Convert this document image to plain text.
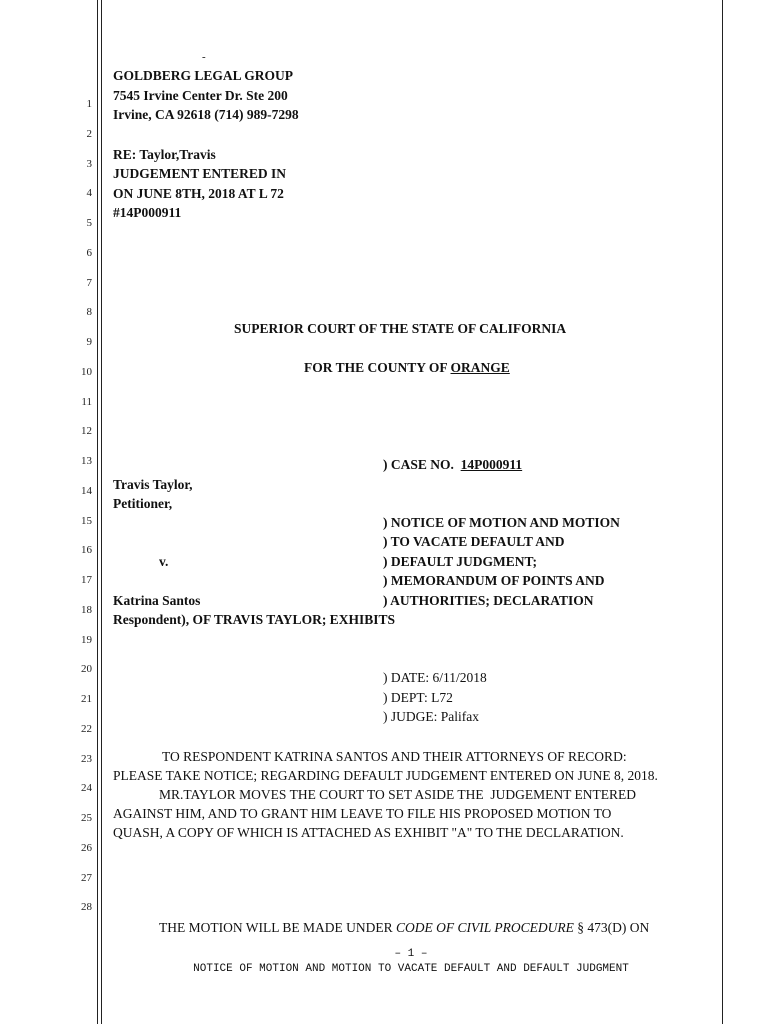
1
2
3
4
5
6
7
8
9
10
11
12
13
14
15
16
17
18
19
20
21
22
23
24
25
26
27
28
-
GOLDBERG LEGAL GROUP
7545 Irvine Center Dr. Ste 200
Irvine, CA 92618 (714) 989-7298
RE: Taylor,Travis
JUDGEMENT ENTERED IN
ON JUNE 8TH, 2018 AT L 72
#14P000911
SUPERIOR COURT OF THE STATE OF CALIFORNIA
FOR THE COUNTY OF ORANGE
) CASE NO.  14P000911
Travis Taylor,
Petitioner,
) NOTICE OF MOTION AND MOTION
) TO VACATE DEFAULT AND
v.	) DEFAULT JUDGMENT;
) MEMORANDUM OF POINTS AND
Katrina Santos	) AUTHORITIES; DECLARATION
Respondent), OF TRAVIS TAYLOR; EXHIBITS
) DATE: 6/11/2018
) DEPT: L72
) JUDGE: Palifax
TO RESPONDENT KATRINA SANTOS AND THEIR ATTORNEYS OF RECORD:
PLEASE TAKE NOTICE; REGARDING DEFAULT JUDGEMENT ENTERED ON JUNE 8, 2018.
MR.TAYLOR MOVES THE COURT TO SET ASIDE THE  JUDGEMENT ENTERED
AGAINST HIM, AND TO GRANT HIM LEAVE TO FILE HIS PROPOSED MOTION TO
QUASH, A COPY OF WHICH IS ATTACHED AS EXHIBIT "A" TO THE DECLARATION.
THE MOTION WILL BE MADE UNDER CODE OF CIVIL PROCEDURE § 473(D) ON
– 1 –
NOTICE OF MOTION AND MOTION TO VACATE DEFAULT AND DEFAULT JUDGMENT
